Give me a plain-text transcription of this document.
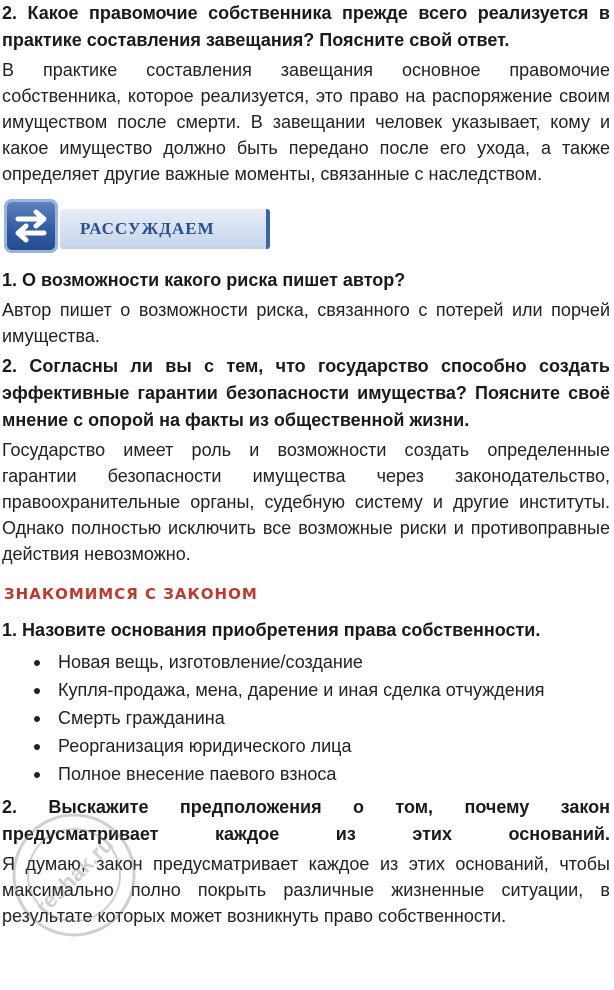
2. Какое правомочие собственника прежде всего реализуется в практике составления завещания? Поясните свой ответ.

В практике составления завещания основное правомочие собственника, которое реализуется, это право на распоряжение своим имуществом после смерти. В завещании человек указывает, кому и какое имущество должно быть передано после его ухода, а также определяет другие важные моменты, связанные с наследством.

РАССУЖДАЕМ

1. О возможности какого риска пишет автор?

Автор пишет о возможности риска, связанного с потерей или порчей имущества.

2. Согласны ли вы с тем, что государство способно создать эффективные гарантии безопасности имущества? Поясните своё мнение с опорой на факты из общественной жизни.

Государство имеет роль и возможности создать определенные гарантии безопасности имущества через законодательство, правоохранительные органы, судебную систему и другие институты. Однако полностью исключить все возможные риски и противоправные действия невозможно.

ЗНАКОМИМСЯ С ЗАКОНОМ

1. Назовите основания приобретения права собственности.

Новая вещь, изготовление/создание
Купля-продажа, мена, дарение и иная сделка отчуждения
Смерть гражданина
Реорганизация юридического лица
Полное внесение паевого взноса

2. Выскажите предположения о том, почему закон предусматривает каждое из этих оснований.

Я думаю, закон предусматривает каждое из этих оснований, чтобы максимально полно покрыть различные жизненные ситуации, в результате которых может возникнуть право собственности.

reshak.ru
